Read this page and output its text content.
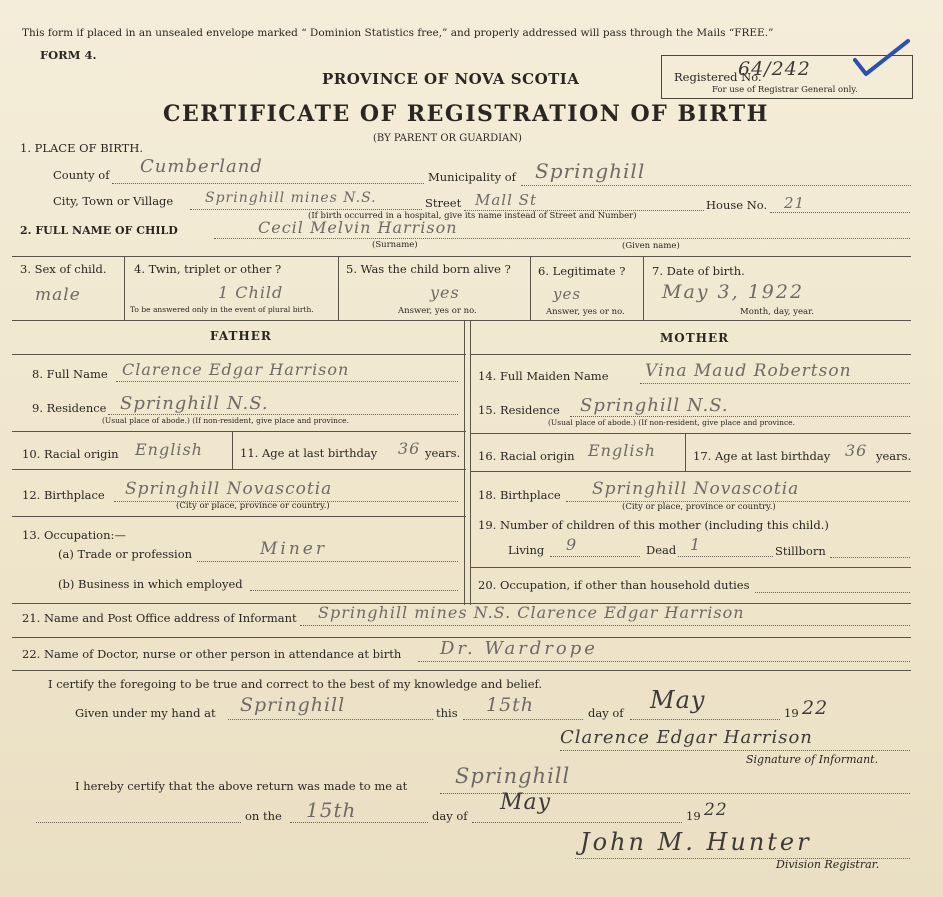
This form if placed in an unsealed envelope marked “ Dominion Statistics free,” and properly addressed will pass through the Mails “FREE.”
FORM 4.
Registered No.
64/242
For use of Registrar General only.
PROVINCE OF NOVA SCOTIA
CERTIFICATE OF REGISTRATION OF BIRTH
(BY PARENT OR GUARDIAN)
1. PLACE OF BIRTH.
County of Cumberland	Municipality of Springhill
City, Town or Village Springhill mines N.S.	Street Mall St	House No. 21
(If birth occurred in a hospital, give its name instead of Street and Number)
2. FULL NAME OF CHILD	Cecil Melvin Harrison
(Surname)	(Given name)
3. Sex of child.
male
4. Twin, triplet or other ?
1 Child
To be answered only in the event of plural birth.
5. Was the child born alive ?
yes
Answer, yes or no.
6. Legitimate ?
yes
Answer, yes or no.
7. Date of birth.
May 3, 1922
Month, day, year.
FATHER	MOTHER
8. Full Name Clarence Edgar Harrison
9. Residence Springhill N.S.
(Usual place of abode.) (If non-resident, give place and province.
10. Racial origin English	11. Age at last birthday 36 years.
12. Birthplace Springhill Novascotia
(City or place, province or country.)
13. Occupation:—
(a) Trade or profession	Miner
(b) Business in which employed
14. Full Maiden Name Vina Maud Robertson
15. Residence Springhill N.S.
(Usual place of abode.) (If non-resident, give place and province.
16. Racial origin English	17. Age at last birthday 36 years.
18. Birthplace Springhill Novascotia
(City or place, province or country.)
19. Number of children of this mother (including this child.)
Living 9	Dead 1	Stillborn
20. Occupation, if other than household duties
21. Name and Post Office address of Informant Springhill mines N.S. Clarence Edgar Harrison
22. Name of Doctor, nurse or other person in attendance at birth Dr. Wardrope
I certify the foregoing to be true and correct to the best of my knowledge and belief.
Given under my hand at Springhill	this 15th	day of May	19 22
Clarence Edgar Harrison
Signature of Informant.
I hereby certify that the above return was made to me at Springhill
on the 15th	day of
May
19 22
John M. Hunter
Division Registrar.
